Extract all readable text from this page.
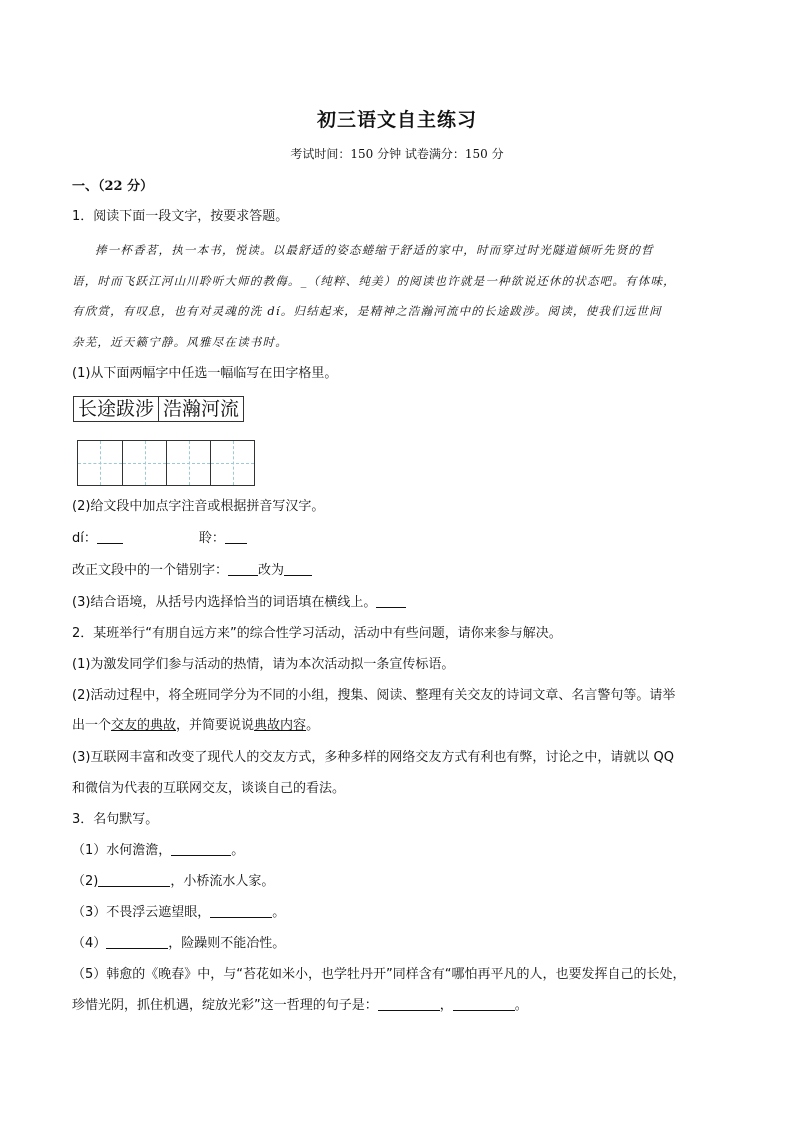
初三语文自主练习
考试时间：150 分钟 试卷满分：150 分
一、（22 分）
1．阅读下面一段文字，按要求答题。
捧一杯香茗，执一本书，悦读。以最舒适的姿态蜷缩于舒适的家中，时而穿过时光隧道倾听先贤的哲
语，时而飞跃江河山川聆听大师的教侮。_（纯粹、纯美）的阅读也许就是一种欲说还休的状态吧。有体味，
有欣赏，有叹息，也有对灵魂的洗 dí。归结起来，是精神之浩瀚河流中的长途跋涉。阅读，使我们远世间
杂芜，近天籁宁静。风雅尽在读书时。
(1)从下面两幅字中任选一幅临写在田字格里。
长途跋涉 浩瀚河流
(2)给文段中加点字注音或根据拼音写汉字。
dí：	聆：
改正文段中的一个错别字： 改为
(3)结合语境，从括号内选择恰当的词语填在横线上。
2．某班举行“有朋自远方来”的综合性学习活动，活动中有些问题，请你来参与解决。
(1)为激发同学们参与活动的热情，请为本次活动拟一条宣传标语。
(2)活动过程中，将全班同学分为不同的小组，搜集、阅读、整理有关交友的诗词文章、名言警句等。请举
出一个交友的典故，并简要说说典故内容。
(3)互联网丰富和改变了现代人的交友方式，多种多样的网络交友方式有利也有弊，讨论之中，请就以 QQ
和微信为代表的互联网交友，谈谈自己的看法。
3．名句默写。
（1）水何澹澹，	。
（2)	，小桥流水人家。
（3）不畏浮云遮望眼，	。
（4）	，险躁则不能冶性。
（5）韩愈的《晚春》中，与“苔花如米小，也学牡丹开”同样含有“哪怕再平凡的人，也要发挥自己的长处，
珍惜光阴，抓住机遇，绽放光彩”这一哲理的句子是：	，	。
